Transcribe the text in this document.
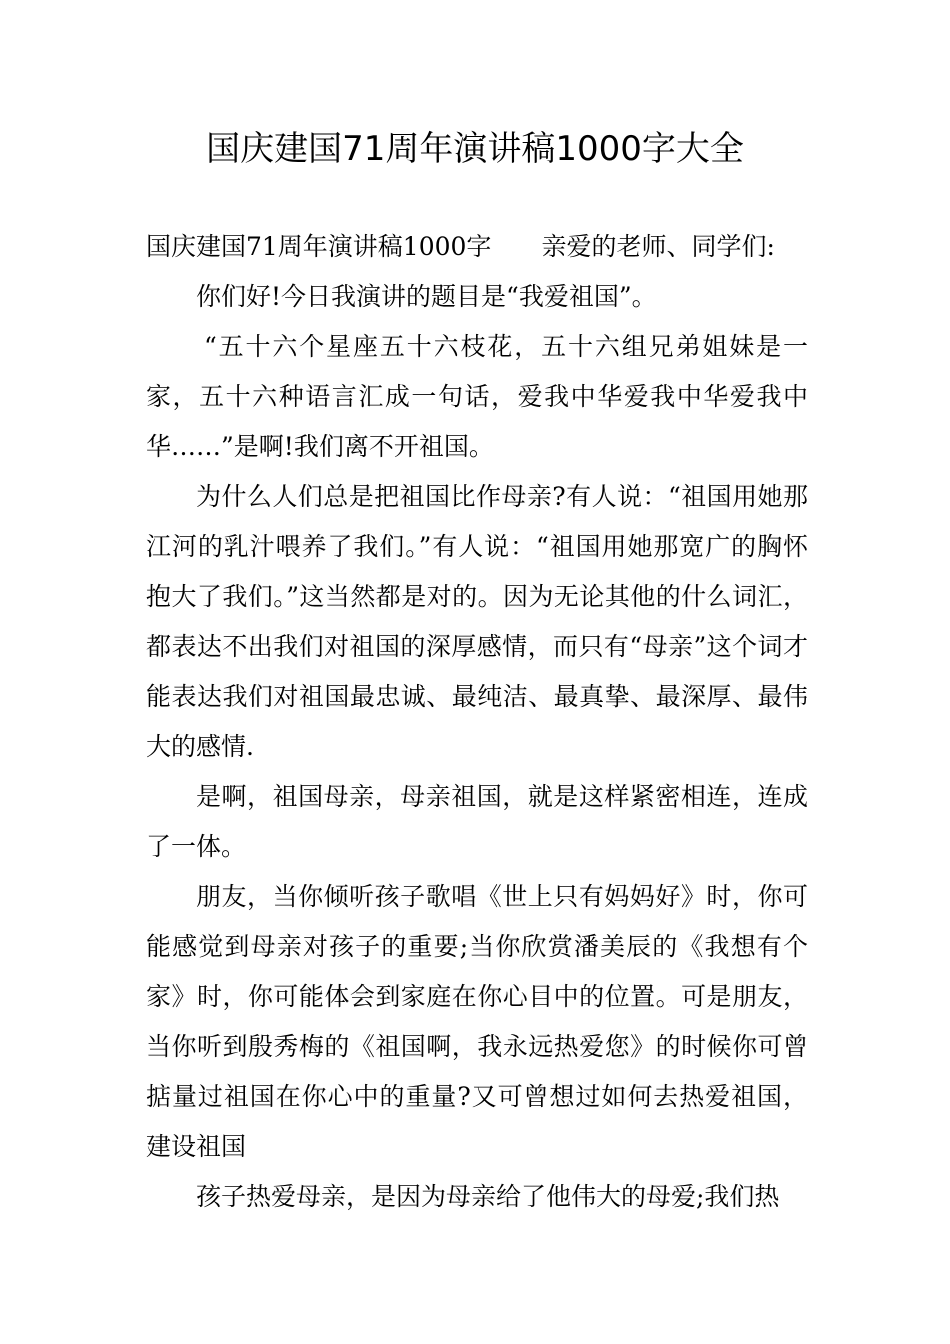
国庆建国71周年演讲稿1000字大全

国庆建国71周年演讲稿1000字 亲爱的老师、同学们:

你们好!今日我演讲的题目是“我爱祖国”。

“五十六个星座五十六枝花，五十六组兄弟姐妹是一家，五十六种语言汇成一句话，爱我中华爱我中华爱我中华……”是啊!我们离不开祖国。

为什么人们总是把祖国比作母亲?有人说：“祖国用她那江河的乳汁喂养了我们。”有人说：“祖国用她那宽广的胸怀抱大了我们。”这当然都是对的。因为无论其他的什么词汇，都表达不出我们对祖国的深厚感情，而只有“母亲”这个词才能表达我们对祖国最忠诚、最纯洁、最真挚、最深厚、最伟大的感情.

是啊，祖国母亲，母亲祖国，就是这样紧密相连，连成了一体。

朋友，当你倾听孩子歌唱《世上只有妈妈好》时，你可能感觉到母亲对孩子的重要;当你欣赏潘美辰的《我想有个家》时，你可能体会到家庭在你心目中的位置。可是朋友，当你听到殷秀梅的《祖国啊，我永远热爱您》的时候你可曾掂量过祖国在你心中的重量?又可曾想过如何去热爱祖国，建设祖国

孩子热爱母亲，是因为母亲给了他伟大的母爱;我们热
